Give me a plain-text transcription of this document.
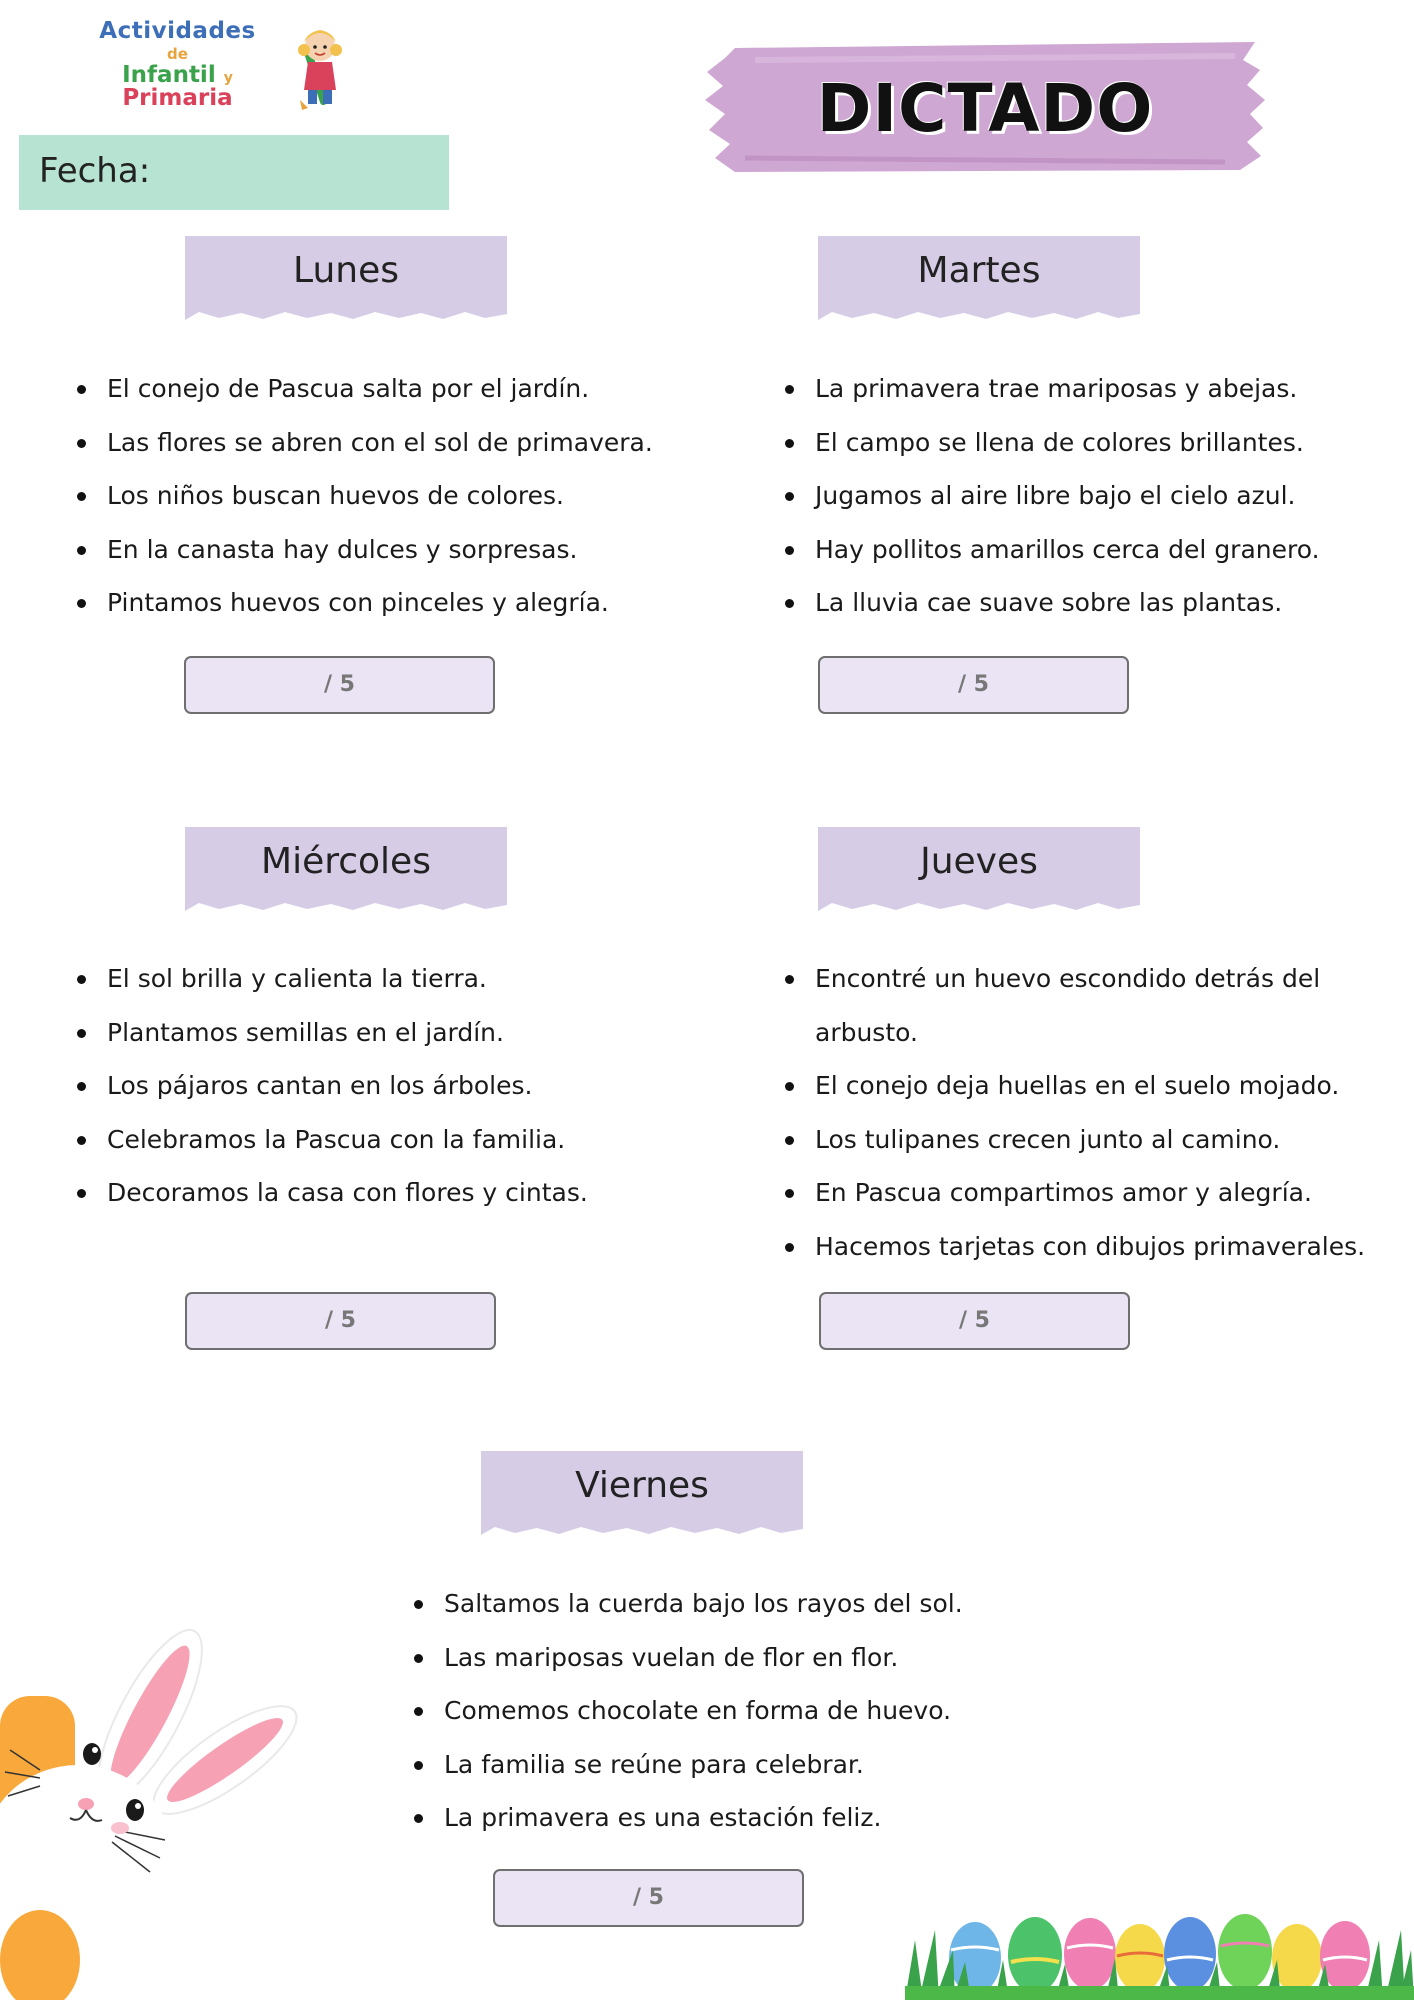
Actividades
de
Infantil y Primaria	DICTADO
Fecha:
Lunes
El conejo de Pascua salta por el jardín.
Las flores se abren con el sol de primavera.
Los niños buscan huevos de colores.
En la canasta hay dulces y sorpresas.
Pintamos huevos con pinceles y alegría.
/ 5
Martes
La primavera trae mariposas y abejas.
El campo se llena de colores brillantes.
Jugamos al aire libre bajo el cielo azul.
Hay pollitos amarillos cerca del granero.
La lluvia cae suave sobre las plantas.
/ 5
Miércoles
El sol brilla y calienta la tierra.
Plantamos semillas en el jardín.
Los pájaros cantan en los árboles.
Celebramos la Pascua con la familia.
Decoramos la casa con flores y cintas.
/ 5
Jueves
Encontré un huevo escondido detrás del arbusto.
El conejo deja huellas en el suelo mojado.
Los tulipanes crecen junto al camino.
En Pascua compartimos amor y alegría.
Hacemos tarjetas con dibujos primaverales.
/ 5
Viernes
Saltamos la cuerda bajo los rayos del sol.
Las mariposas vuelan de flor en flor.
Comemos chocolate en forma de huevo.
La familia se reúne para celebrar.
La primavera es una estación feliz.
/ 5
